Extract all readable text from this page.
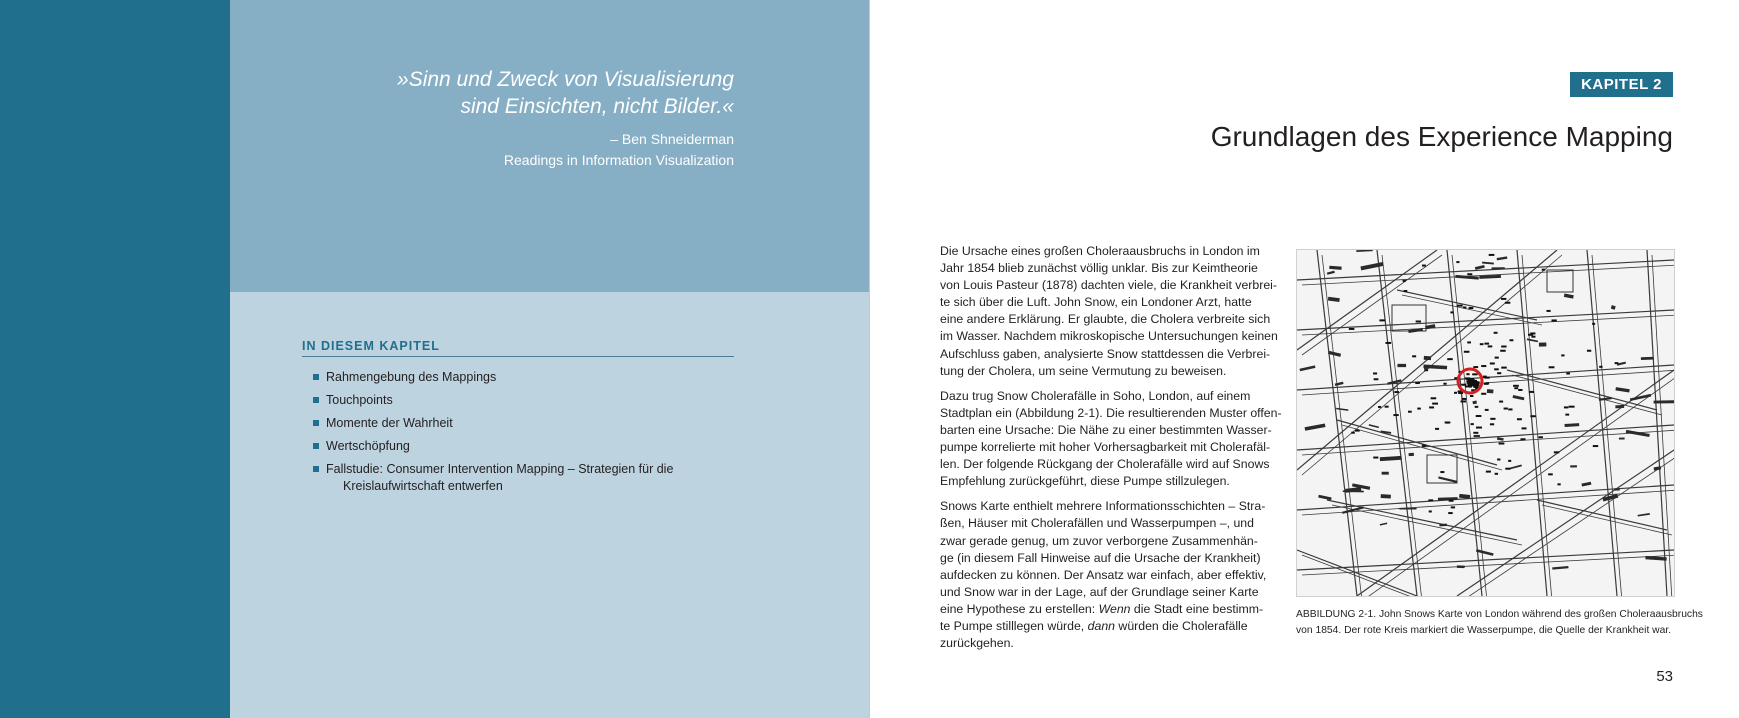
»Sinn und Zweck von Visualisierung
sind Einsichten, nicht Bilder.«
– Ben Shneiderman
Readings in Information Visualization
IN DIESEM KAPITEL
Rahmengebung des Mappings
Touchpoints
Momente der Wahrheit
Wertschöpfung
Fallstudie: Consumer Intervention Mapping – Strategien für die
Kreislaufwirtschaft entwerfen
KAPITEL 2
Grundlagen des Experience Mapping

Die Ursache eines großen Choleraausbruchs in London im
Jahr 1854 blieb zunächst völlig unklar. Bis zur Keimtheorie
von Louis Pasteur (1878) dachten viele, die Krankheit verbrei-
te sich über die Luft. John Snow, ein Londoner Arzt, hatte
eine andere Erklärung. Er glaubte, die Cholera verbreite sich
im Wasser. Nachdem mikroskopische Untersuchungen keinen
Aufschluss gaben, analysierte Snow stattdessen die Verbrei-
tung der Cholera, um seine Vermutung zu beweisen.

Dazu trug Snow Cholerafälle in Soho, London, auf einem
Stadtplan ein (Abbildung 2-1). Die resultierenden Muster offen-
barten eine Ursache: Die Nähe zu einer bestimmten Wasser-
pumpe korrelierte mit hoher Vorhersagbarkeit mit Cholerafäl-
len. Der folgende Rückgang der Cholerafälle wird auf Snows
Empfehlung zurückgeführt, diese Pumpe stillzulegen.

Snows Karte enthielt mehrere Informationsschichten – Stra-
ßen, Häuser mit Cholerafällen und Wasserpumpen –, und
zwar gerade genug, um zuvor verborgene Zusammenhän-
ge (in diesem Fall Hinweise auf die Ursache der Krankheit)
aufdecken zu können. Der Ansatz war einfach, aber effektiv,
und Snow war in der Lage, auf der Grundlage seiner Karte
eine Hypothese zu erstellen: Wenn die Stadt eine bestimm-
te Pumpe stilllegen würde, dann würden die Cholerafälle
zurückgehen.

ABBILDUNG 2-1. John Snows Karte von London während des großen Choleraausbruchs
von 1854. Der rote Kreis markiert die Wasserpumpe, die Quelle der Krankheit war.
53
